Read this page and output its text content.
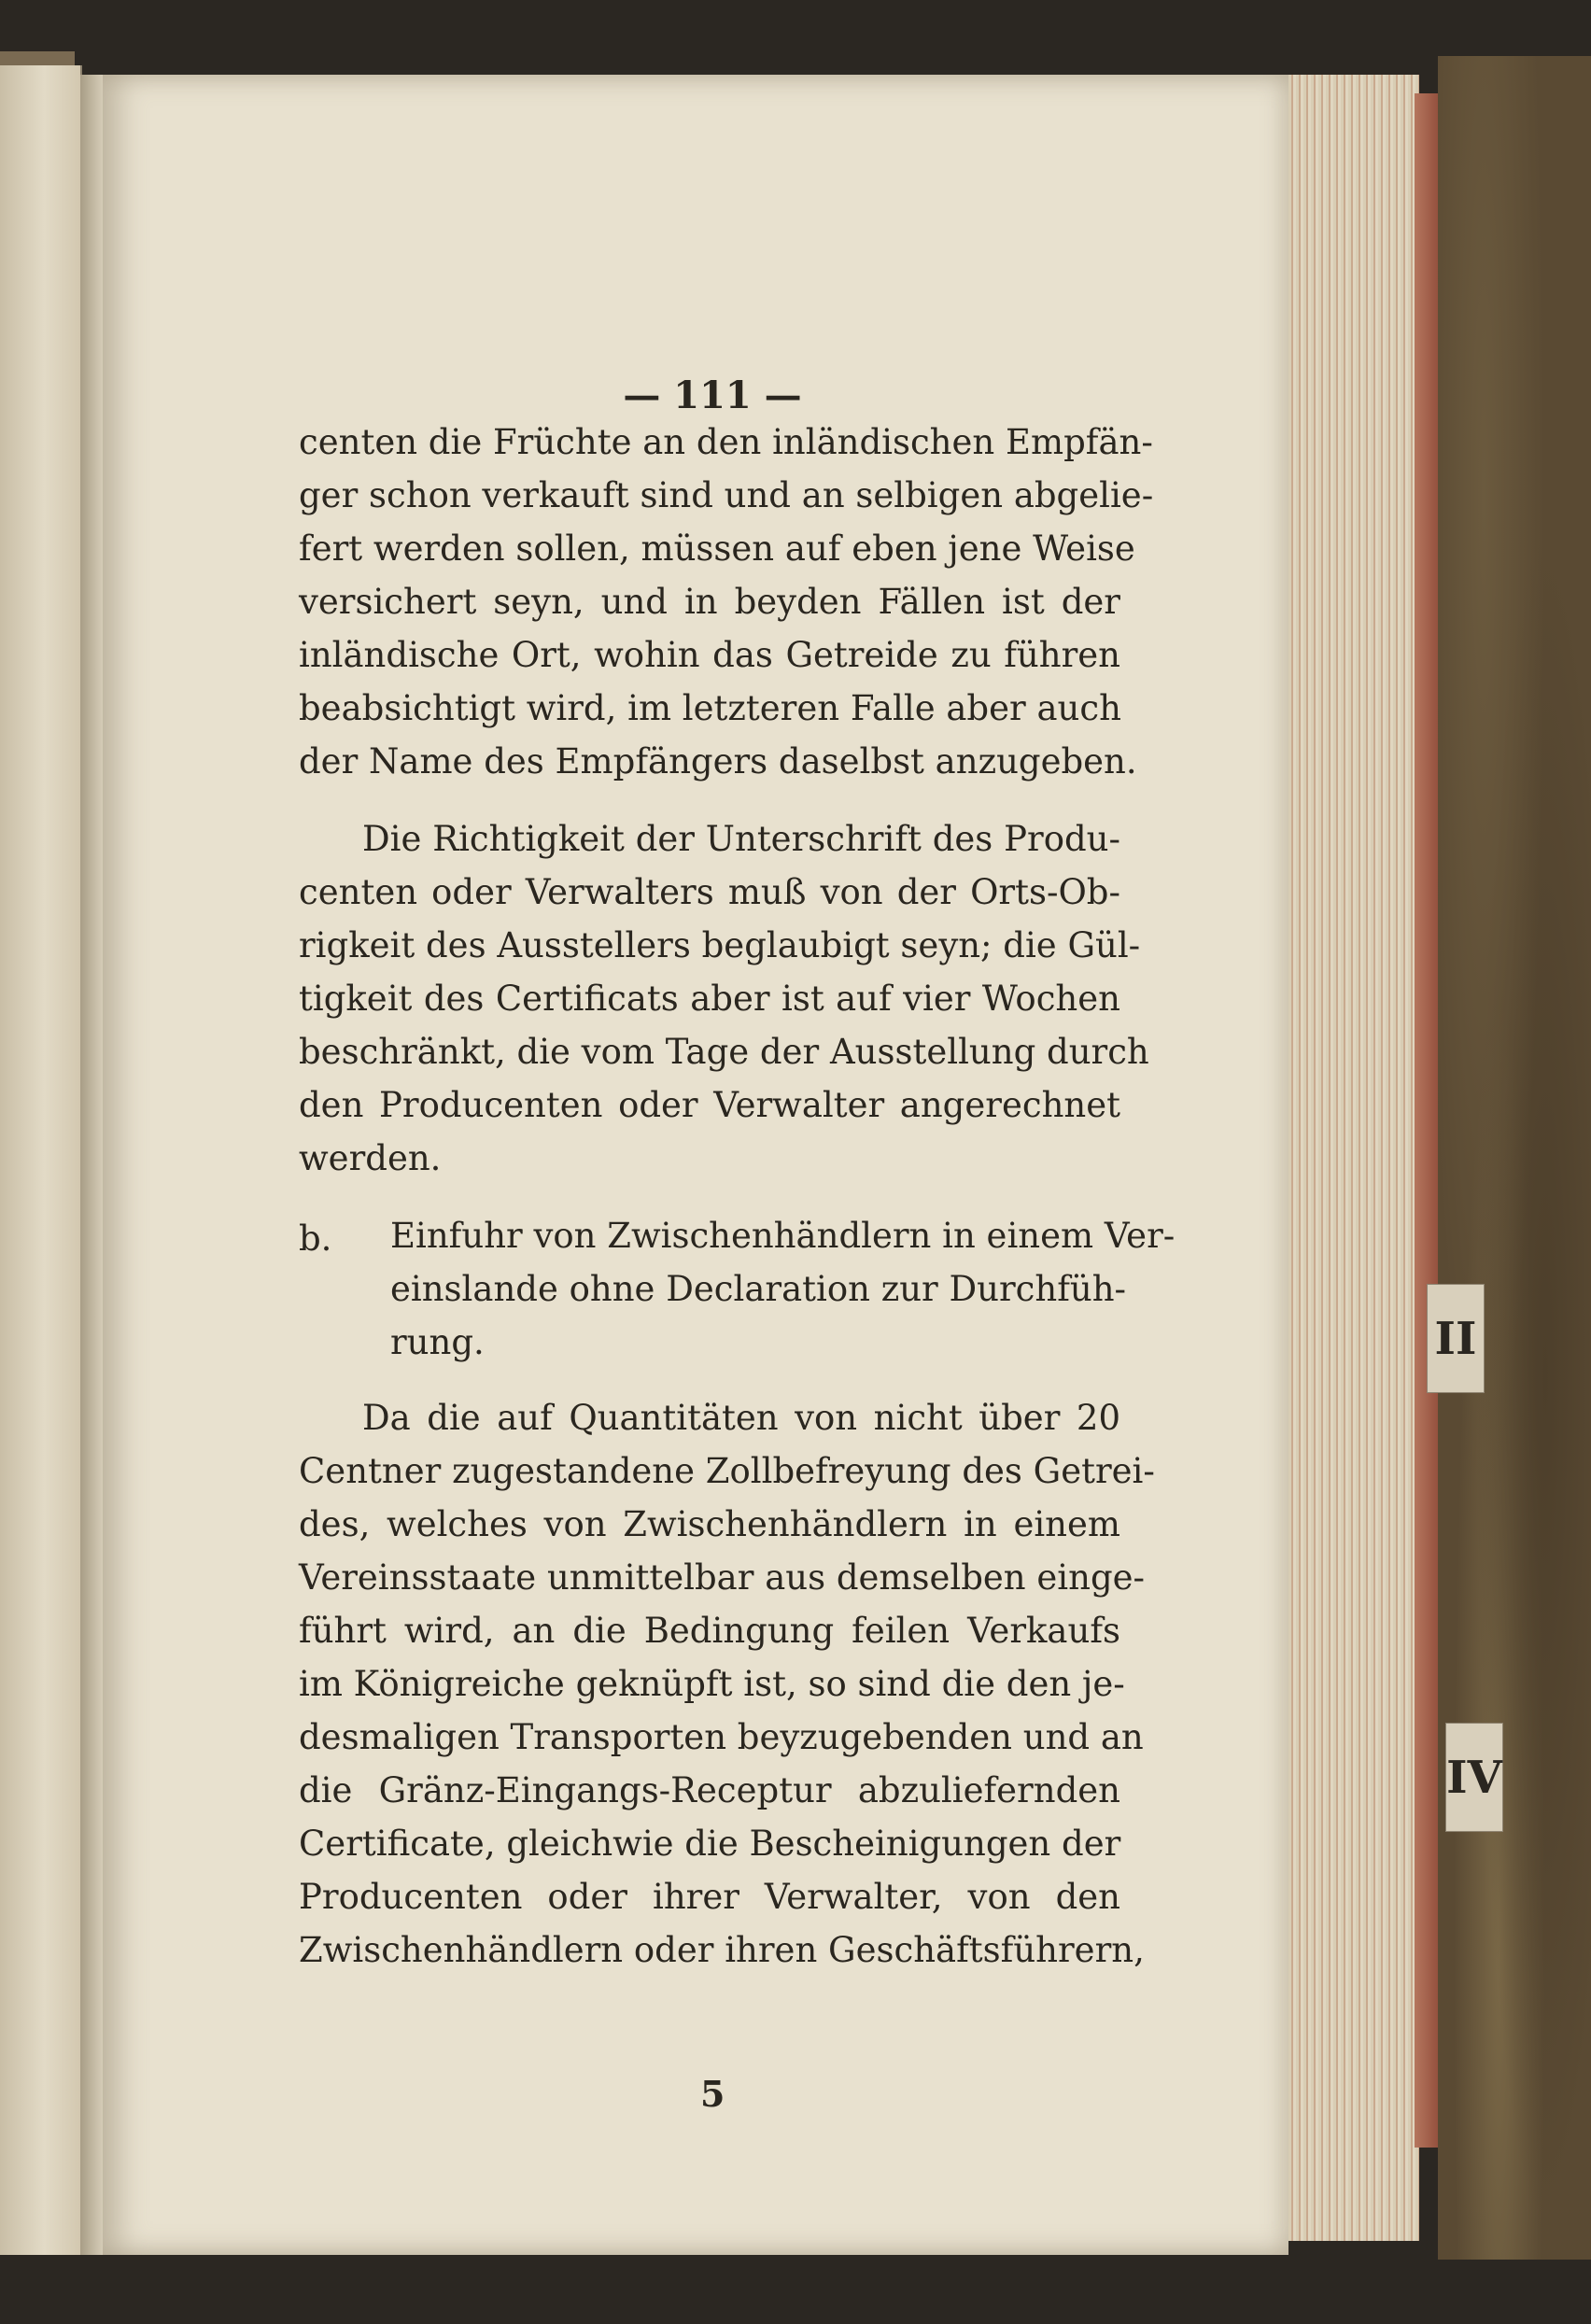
II
IV
— 111 —
centen die Früchte an den inländischen Empfän-
ger schon verkauft sind und an selbigen abgelie-
fert werden sollen, müssen auf eben jene Weise
versichert seyn, und in beyden Fällen ist der
inländische Ort, wohin das Getreide zu führen
beabsichtigt wird, im letzteren Falle aber auch
der Name des Empfängers daselbst anzugeben.
Die Richtigkeit der Unterschrift des Produ-
centen oder Verwalters muß von der Orts-Ob-
rigkeit des Ausstellers beglaubigt seyn; die Gül-
tigkeit des Certificats aber ist auf vier Wochen
beschränkt, die vom Tage der Ausstellung durch
den Producenten oder Verwalter angerechnet
werden.
b.	Einfuhr von Zwischenhändlern in einem Ver-
einslande ohne Declaration zur Durchfüh-
rung.
Da die auf Quantitäten von nicht über 20
Centner zugestandene Zollbefreyung des Getrei-
des, welches von Zwischenhändlern in einem
Vereinsstaate unmittelbar aus demselben einge-
führt wird, an die Bedingung feilen Verkaufs
im Königreiche geknüpft ist, so sind die den je-
desmaligen Transporten beyzugebenden und an
die Gränz-Eingangs-Receptur abzuliefernden
Certificate, gleichwie die Bescheinigungen der
Producenten oder ihrer Verwalter, von den
Zwischenhändlern oder ihren Geschäftsführern,
5
